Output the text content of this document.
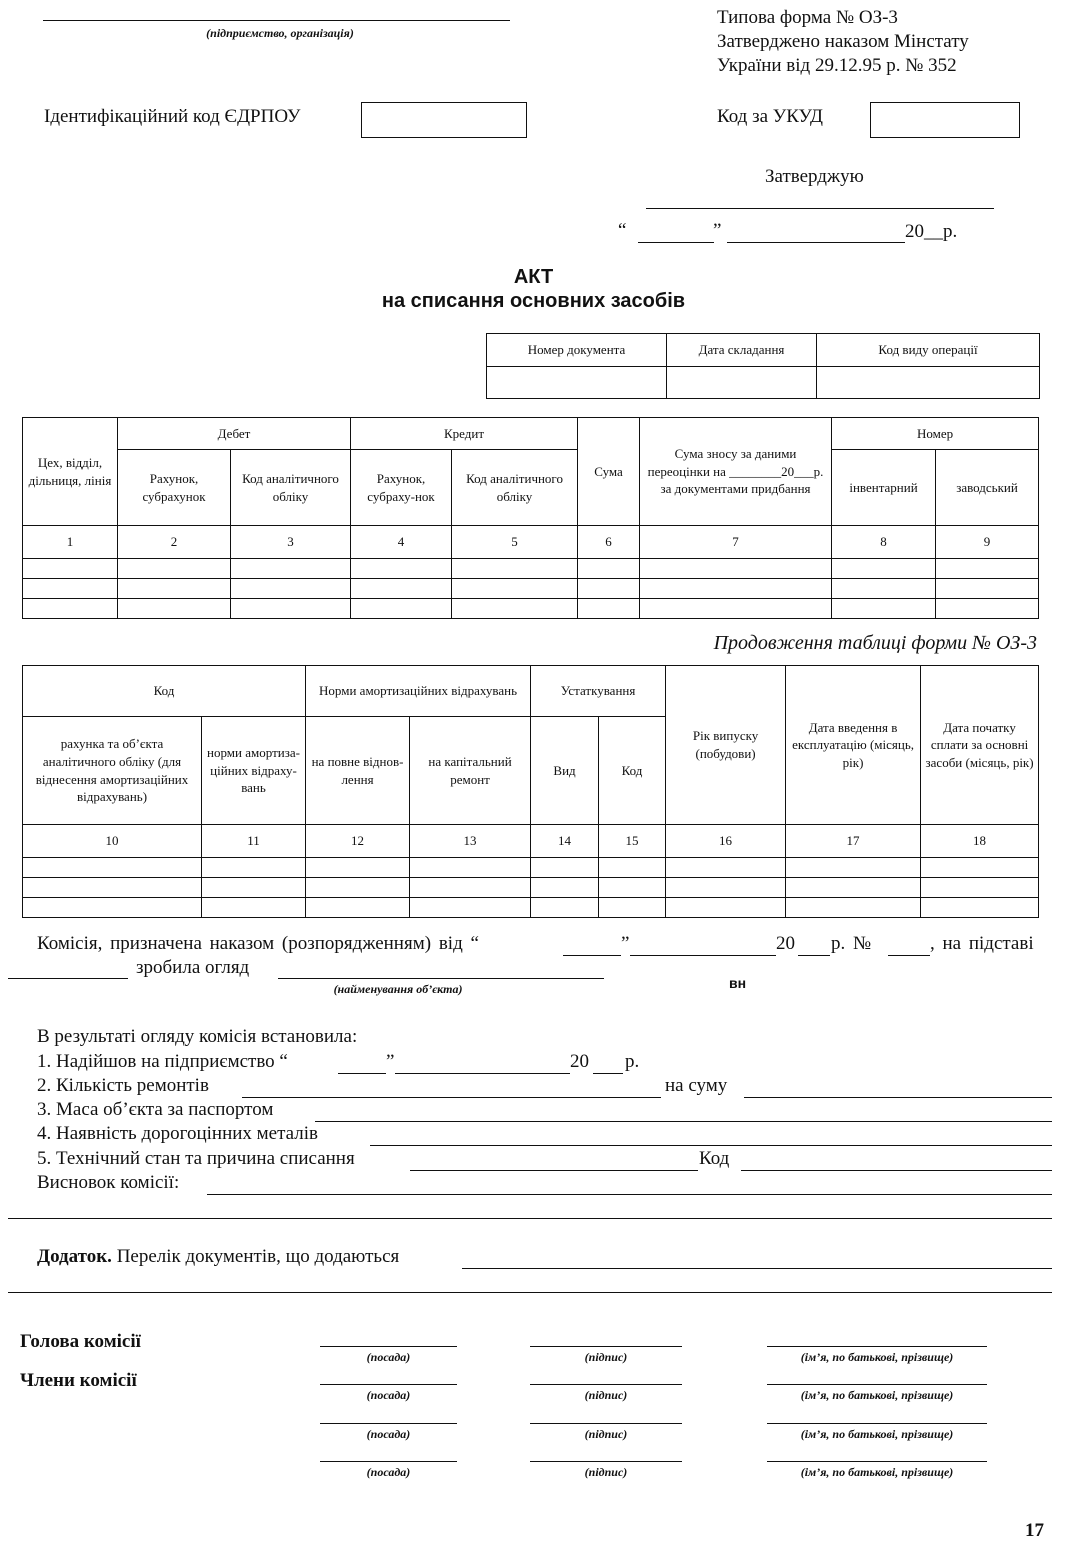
(підприємство, організація)
Типова форма № ОЗ-3
Затверджено наказом Мінстату
України від 29.12.95 р. № 352
Ідентифікаційний код ЄДРПОУ	Код за УКУД
Затверджую
“	”	20__р.
АКТ
на списання основних засобів
Номер документа	Дата складання	Код виду операції

Цех, відділ, дільниця, лінія	Дебет		Кредит		Сума	Сума зносу за даними переоцінки на ________20___р. за документами придбання	Номер	
	Рахунок, субрахунок	Код аналітичного обліку	Рахунок, субраху-нок	Код аналітичного обліку			інвентарний	заводський
1	2	3	4	5	6	7	8	9

Продовження таблиці форми № ОЗ-3
Код		Норми амортизаційних відрахувань		Устаткування		Рік випуску (побудови)	Дата введення в експлуатацію (місяць, рік)	Дата початку сплати за основні засоби (місяць, рік)
рахунка та об’єкта аналітичного обліку (для віднесення амортизаційних відрахувань)	норми амортиза-ційних відраху-вань	на повне віднов-лення	на капітальний ремонт	Вид	Код			
10	11	12	13	14	15	16	17	18

Комісія, призначена наказом (розпорядженням) від “	”	20 р. №	, на підставі
зробила огляд
(найменування об’єкта)	вн
В результаті огляду комісія встановила:
1. Надійшов на підприємство “	”	20 р.
2. Кількість ремонтів	на суму
3. Маса об’єкта за паспортом
4. Наявність дорогоцінних металів
5. Технічний стан та причина списання	Код
Висновок комісії:
Додаток. Перелік документів, що додаються
Голова комісії
Члени комісії
(посада)	(підпис)	(ім’я, по батькові, прізвище)
(посада)	(підпис)	(ім’я, по батькові, прізвище)
(посада)	(підпис)	(ім’я, по батькові, прізвище)
(посада)	(підпис)	(ім’я, по батькові, прізвище)
17
